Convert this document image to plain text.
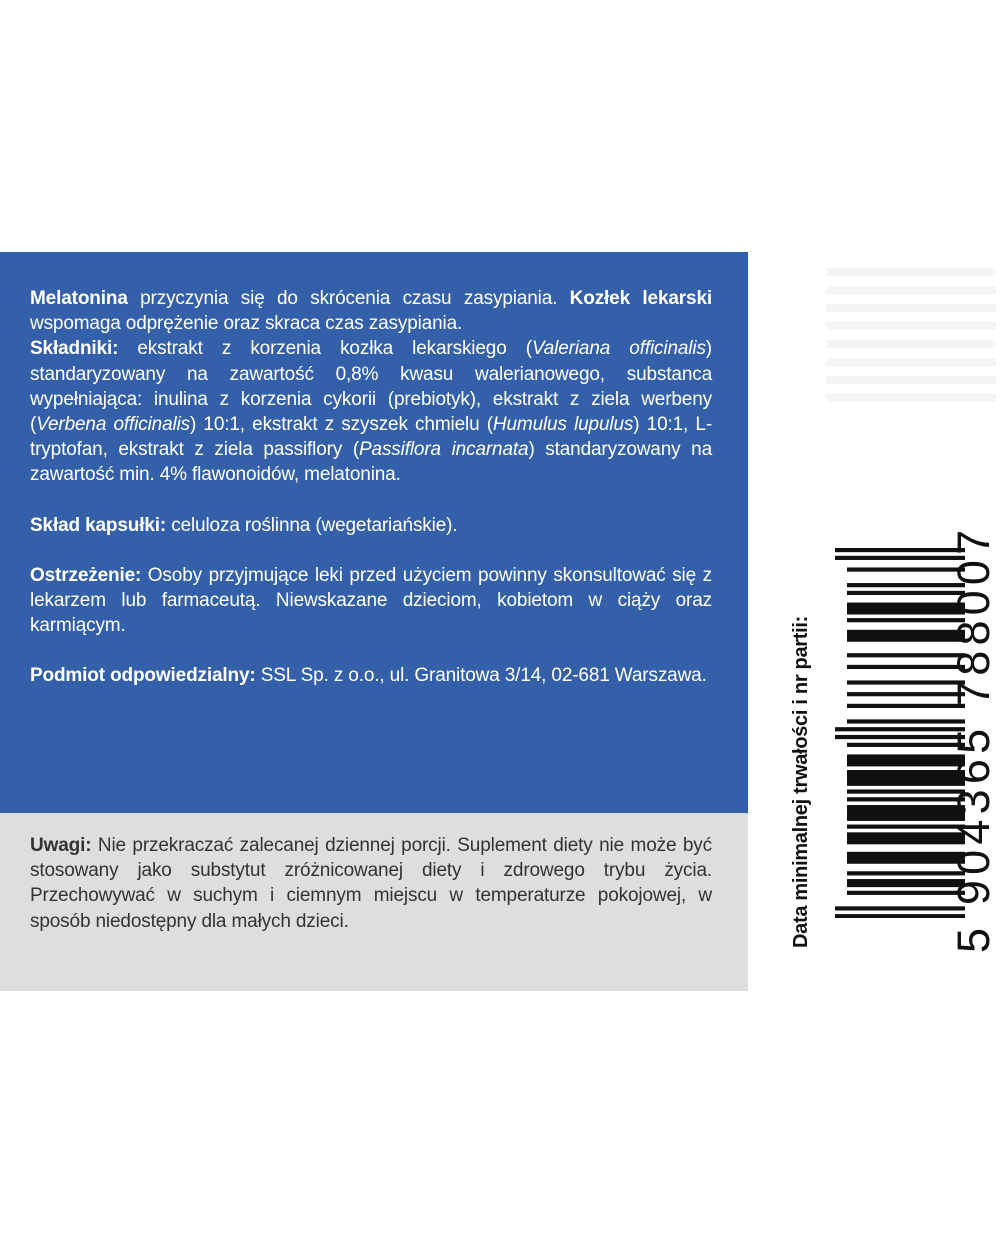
Melatonina przyczynia się do skrócenia czasu zasypiania. Kozłek lekarski wspomaga odprężenie oraz skraca czas zasypiania.

Składniki: ekstrakt z korzenia kozłka lekarskiego (Valeriana officinalis) standaryzowany na zawartość 0,8% kwasu walerianowego, substanca wypełniająca: inulina z korzenia cykorii (prebiotyk), ekstrakt z ziela werbeny (Verbena officinalis) 10:1, ekstrakt z szyszek chmielu (Humulus lupulus) 10:1, L-tryptofan, ekstrakt z ziela passiflory (Passiflora incarnata) standaryzowany na zawartość min. 4% flawonoidów, melatonina.

Skład kapsułki: celuloza roślinna (wegetariańskie).

Ostrzeżenie: Osoby przyjmujące leki przed użyciem powinny skonsultować się z lekarzem lub farmaceutą. Niewskazane dzieciom, kobietom w ciąży oraz karmiącym.

Podmiot odpowiedzialny: SSL Sp. z o.o., ul. Granitowa 3/14, 02-681 Warszawa.

Uwagi: Nie przekraczać zalecanej dziennej porcji. Suplement diety nie może być stosowany jako substytut zróżnicowanej diety i zdrowego trybu życia. Przechowywać w suchym i ciemnym miejscu w temperaturze pokojowej, w sposób niedostępny dla małych dzieci.	Data minimalnej trwałości i nr partii:	5 904365 788007
